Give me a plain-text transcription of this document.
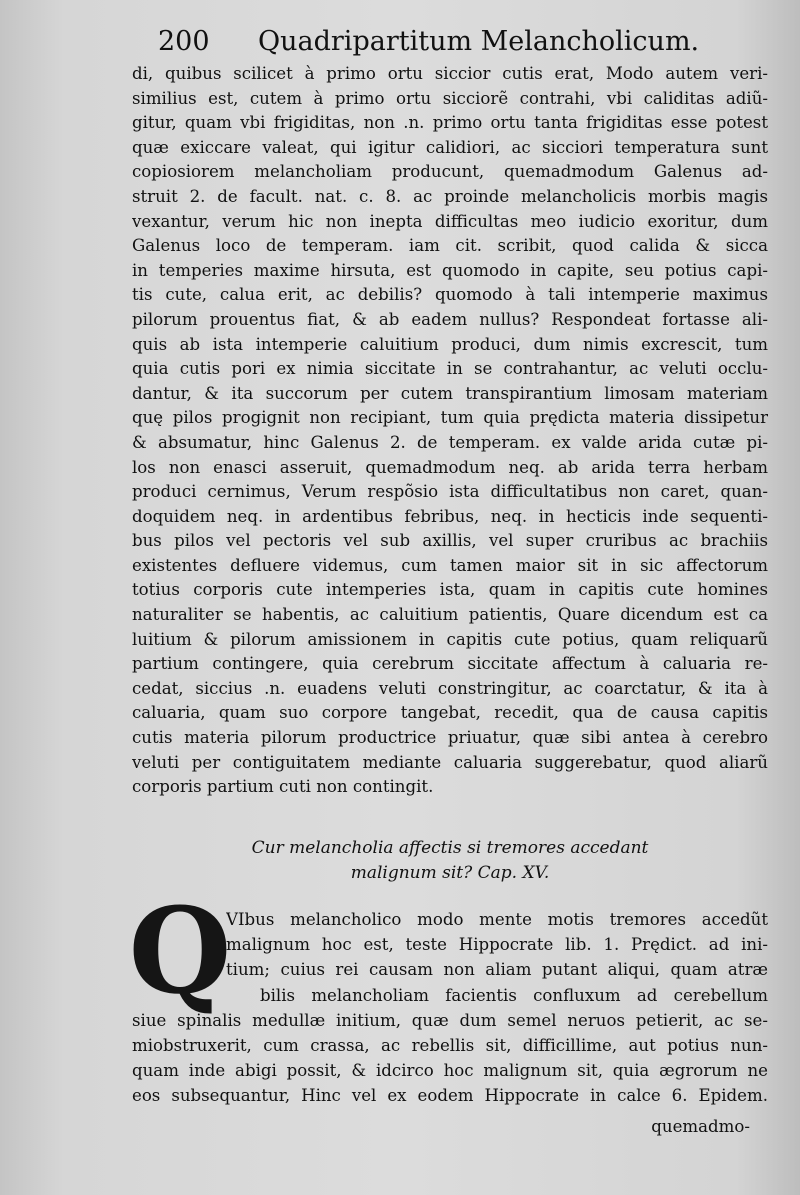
200 Quadripartitum Melancholicum.
di, quibus scilicet à primo ortu siccior cutis erat, Modo autem veri-
similius est, cutem à primo ortu sicciorẽ contrahi, vbi caliditas adiũ-
gitur, quam vbi frigiditas, non .n. primo ortu tanta frigiditas esse potest
quæ exiccare valeat, qui igitur calidiori, ac sicciori temperatura sunt
copiosiorem melancholiam producunt, quemadmodum Galenus ad-
struit 2. de facult. nat. c. 8. ac proinde melancholicis morbis magis
vexantur, verum hic non inepta difficultas meo iudicio exoritur, dum
Galenus loco de temperam. iam cit. scribit, quod calida & sicca
in temperies maxime hirsuta, est quomodo in capite, seu potius capi-
tis cute, calua erit, ac debilis? quomodo à tali intemperie maximus
pilorum prouentus fiat, & ab eadem nullus? Respondeat fortasse ali-
quis ab ista intemperie caluitium produci, dum nimis excrescit, tum
quia cutis pori ex nimia siccitate in se contrahantur, ac veluti occlu-
dantur, & ita succorum per cutem transpirantium limosam materiam
quę pilos progignit non recipiant, tum quia prędicta materia dissipetur
& absumatur, hinc Galenus 2. de temperam. ex valde arida cutæ pi-
los non enasci asseruit, quemadmodum neq. ab arida terra herbam
produci cernimus, Verum respõsio ista difficultatibus non caret, quan-
doquidem neq. in ardentibus febribus, neq. in hecticis inde sequenti-
bus pilos vel pectoris vel sub axillis, vel super cruribus ac brachiis
existentes defluere videmus, cum tamen maior sit in sic affectorum
totius corporis cute intemperies ista, quam in capitis cute homines
naturaliter se habentis, ac caluitium patientis, Quare dicendum est ca
luitium & pilorum amissionem in capitis cute potius, quam reliquarũ
partium contingere, quia cerebrum siccitate affectum à caluaria re-
cedat, siccius .n. euadens veluti constringitur, ac coarctatur, & ita à
caluaria, quam suo corpore tangebat, recedit, qua de causa capitis
cutis materia pilorum productrice priuatur, quæ sibi antea à cerebro
veluti per contiguitatem mediante caluaria suggerebatur, quod aliarũ
corporis partium cuti non contingit.
Cur melancholia affectis si tremores accedant
malignum sit? Cap. XV.
Q
VIbus melancholico modo mente motis tremores accedũt
malignum hoc est, teste Hippocrate lib. 1. Prędict. ad ini-
tium; cuius rei causam non aliam putant aliqui, quam atræ
bilis melancholiam facientis confluxum ad cerebellum
siue spinalis medullæ initium, quæ dum semel neruos petierit, ac se-
miobstruxerit, cum crassa, ac rebellis sit, difficillime, aut potius nun-
quam inde abigi possit, & idcirco hoc malignum sit, quia ægrorum ne
eos subsequantur, Hinc vel ex eodem Hippocrate in calce 6. Epidem.
quemadmo-
